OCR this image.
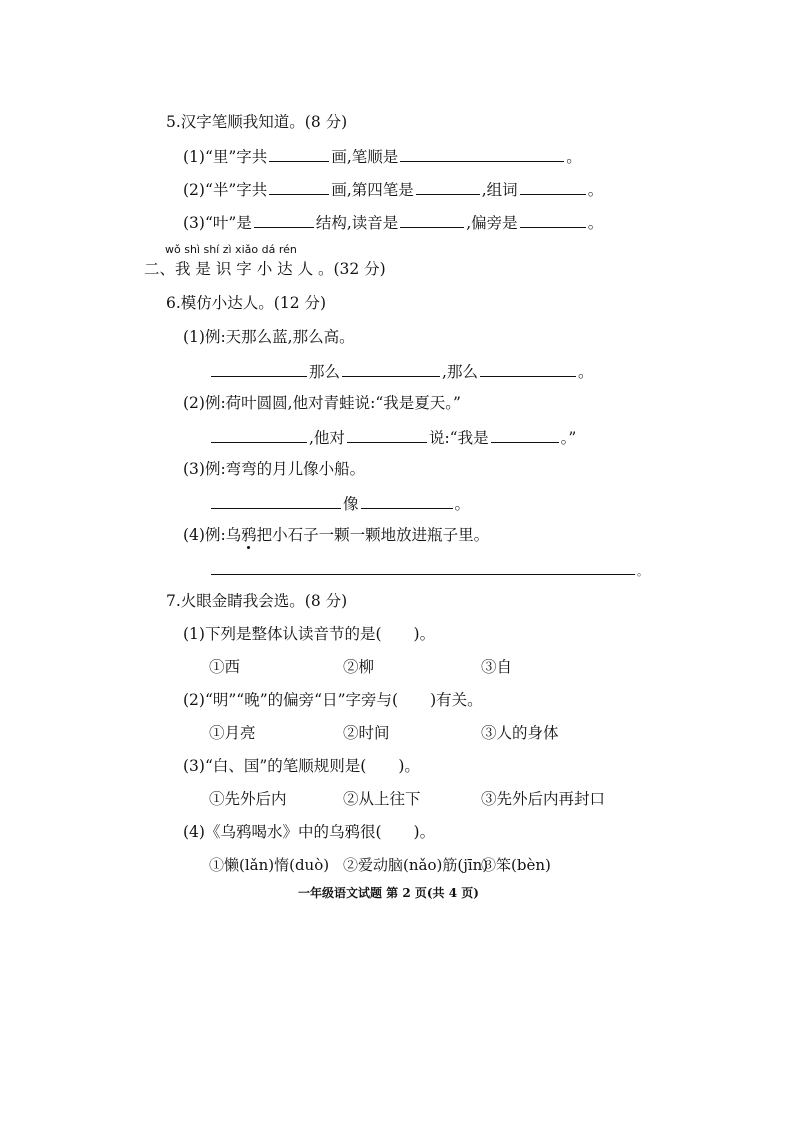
5.汉字笔顺我知道。(8 分)
(1)“里”字共	画,笔顺是	。
(2)“半”字共	画,第四笔是	,组词	。
(3)“叶”是	结构,读音是	,偏旁是	。
wǒ shì shí zì xiǎo dá rén
二、我 是 识 字 小 达 人 。(32 分)
6.模仿小达人。(12 分)
(1)例:天那么蓝,那么高。
那么	,那么	。
(2)例:荷叶圆圆,他对青蛙说:“我是夏天。”
,他对	说:“我是	。”
(3)例:弯弯的月儿像小船。
像	。
(4)例:乌鸦把小石子一颗一颗地放进瓶子里。
。
7.火眼金睛我会选。(8 分)
(1)下列是整体认读音节的是( )。
①西	②柳	③自
(2)“明”“晚”的偏旁“日”字旁与( )有关。
①月亮	②时间	③人的身体
(3)“白、国”的笔顺规则是( )。
①先外后内	②从上往下	③先外后内再封口
(4)《乌鸦喝水》中的乌鸦很( )。
①懒(lǎn)惰(duò) ②爱动脑(nǎo)筋(jīn)③笨(bèn)
一年级语文试题 第 2 页(共 4 页)
